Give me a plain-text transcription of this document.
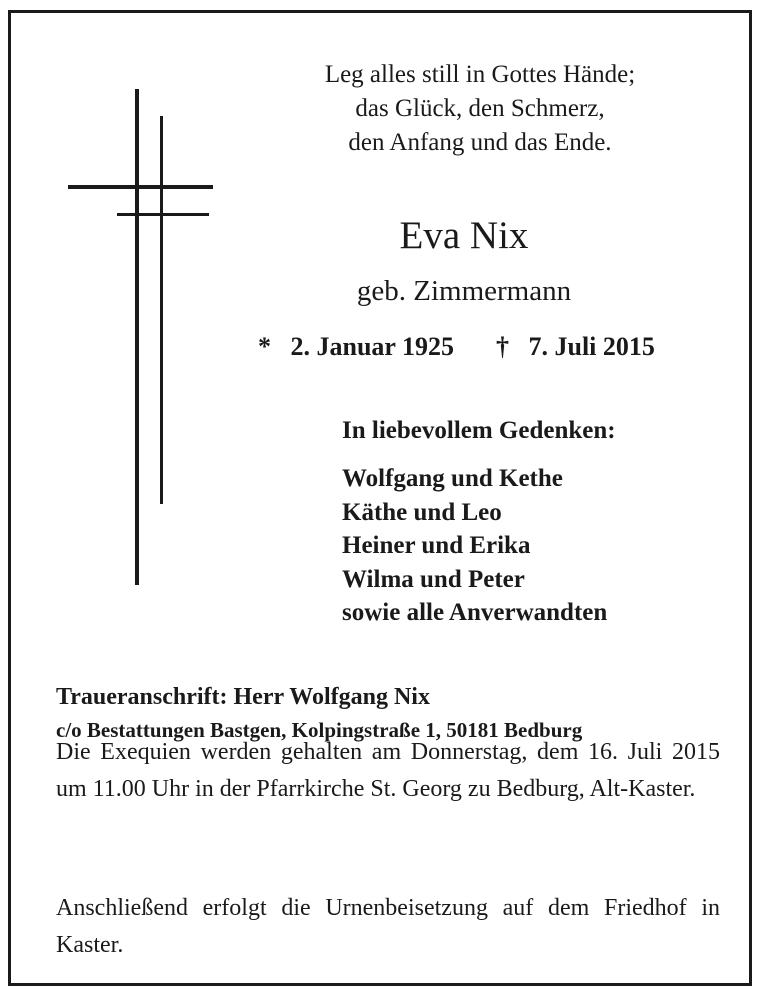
Leg alles still in Gottes Hände;
das Glück, den Schmerz,
den Anfang und das Ende.
Eva Nix
geb. Zimmermann
* 2. Januar 1925 † 7. Juli 2015
In liebevollem Gedenken:
Wolfgang und Kethe
Käthe und Leo
Heiner und Erika
Wilma und Peter
sowie alle Anverwandten
Traueranschrift: Herr Wolfgang Nix
c/o Bestattungen Bastgen, Kolpingstraße 1, 50181 Bedburg
Die Exequien werden gehalten am Donnerstag, dem 16. Juli 2015 um 11.00 Uhr in der Pfarrkirche St. Georg zu Bedburg, Alt-Kaster.
Anschließend erfolgt die Urnenbeisetzung auf dem Friedhof in Kaster.
